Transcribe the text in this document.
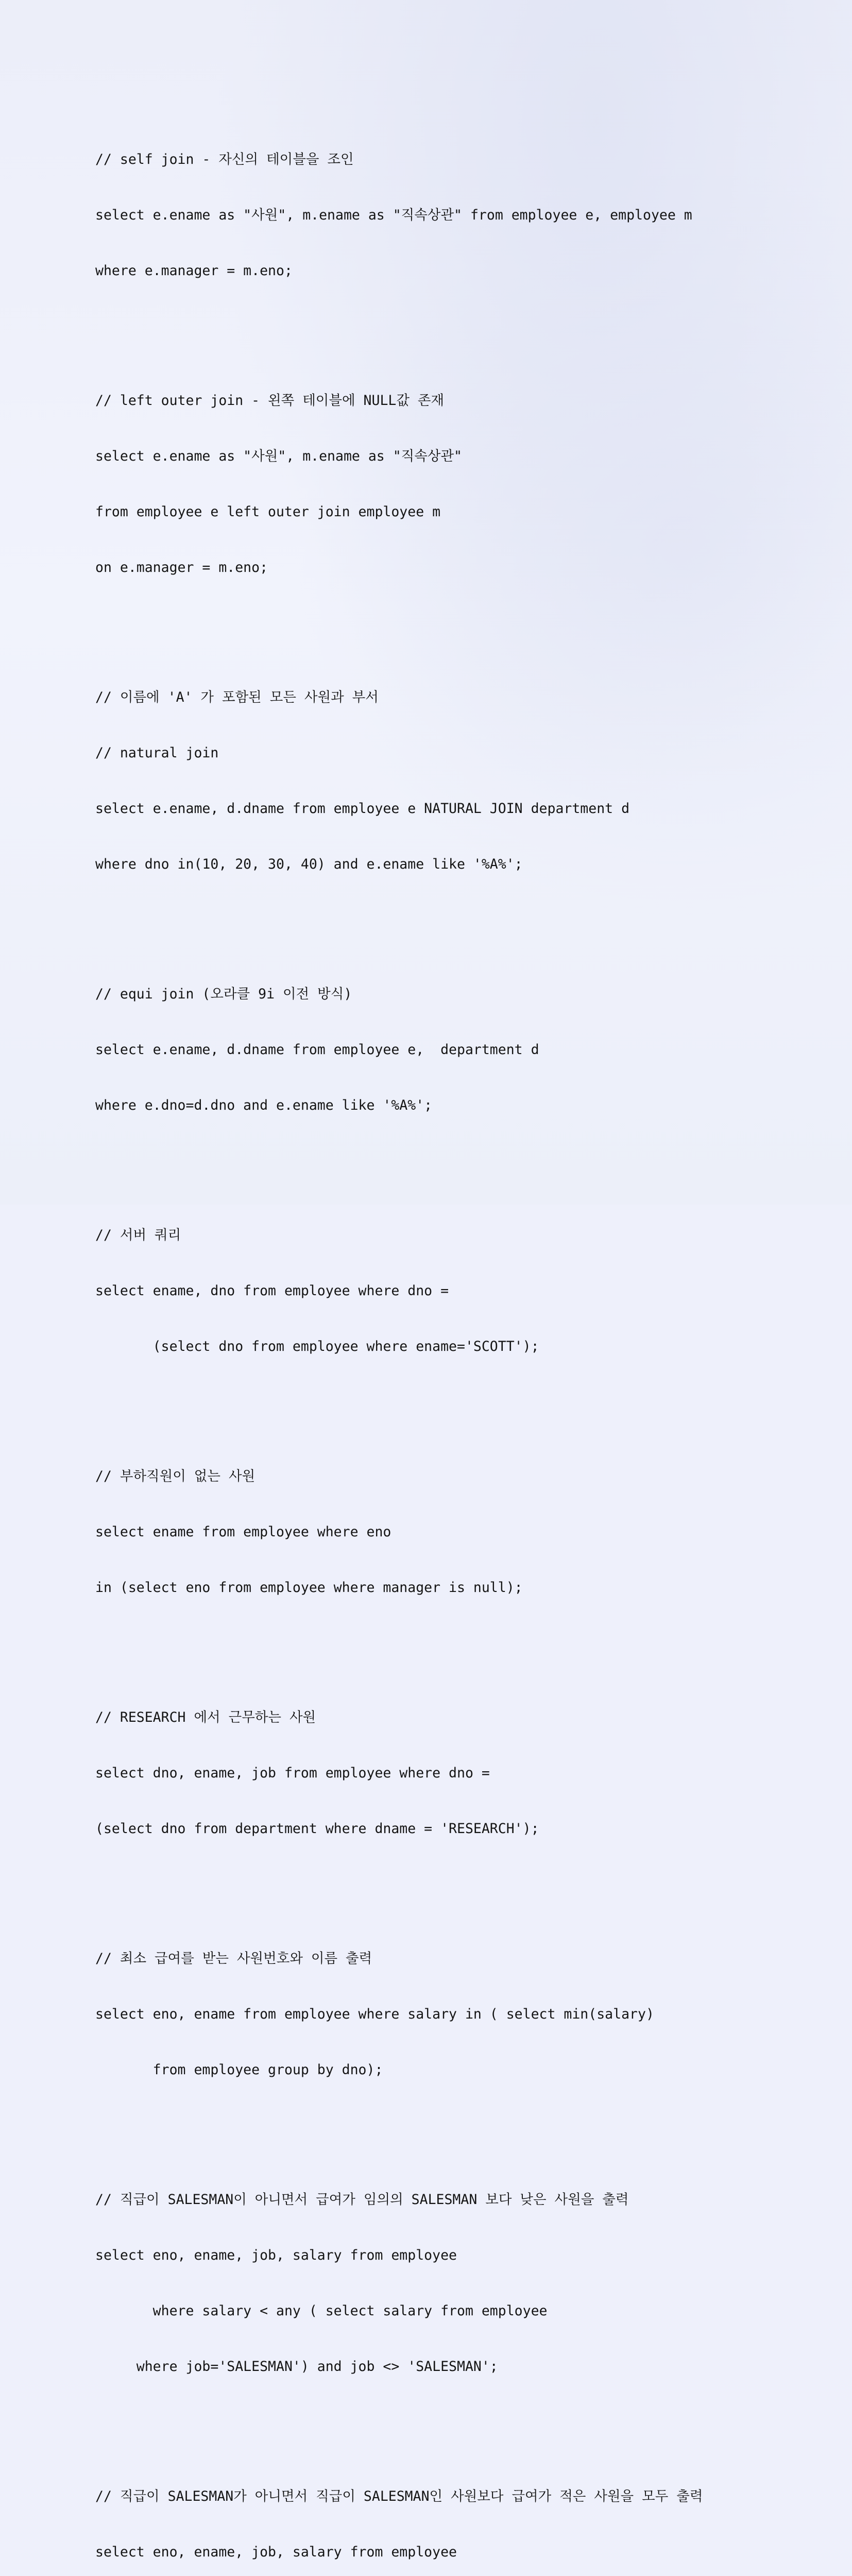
// self join - 자신의 테이블을 조인

select e.ename as "사원", m.ename as "직속상관" from employee e, employee m

where e.manager = m.eno;

// left outer join - 왼쪽 테이블에 NULL값 존재

select e.ename as "사원", m.ename as "직속상관"

from employee e left outer join employee m

on e.manager = m.eno;

// 이름에 'A' 가 포함된 모든 사원과 부서

// natural join

select e.ename, d.dname from employee e NATURAL JOIN department d

where dno in(10, 20, 30, 40) and e.ename like '%A%';

// equi join (오라클 9i 이전 방식)

select e.ename, d.dname from employee e,  department d

where e.dno=d.dno and e.ename like '%A%';

// 서버 쿼리

select ename, dno from employee where dno =

(select dno from employee where ename='SCOTT');

// 부하직원이 없는 사원

select ename from employee where eno

in (select eno from employee where manager is null);

// RESEARCH 에서 근무하는 사원

select dno, ename, job from employee where dno =

(select dno from department where dname = 'RESEARCH');

// 최소 급여를 받는 사원번호와 이름 출력

select eno, ename from employee where salary in ( select min(salary)

from employee group by dno);

// 직급이 SALESMAN이 아니면서 급여가 임의의 SALESMAN 보다 낮은 사원을 출력

select eno, ename, job, salary from employee

where salary < any ( select salary from employee

where job='SALESMAN') and job <> 'SALESMAN';

// 직급이 SALESMAN가 아니면서 직급이 SALESMAN인 사원보다 급여가 적은 사원을 모두 출력

select eno, ename, job, salary from employee
